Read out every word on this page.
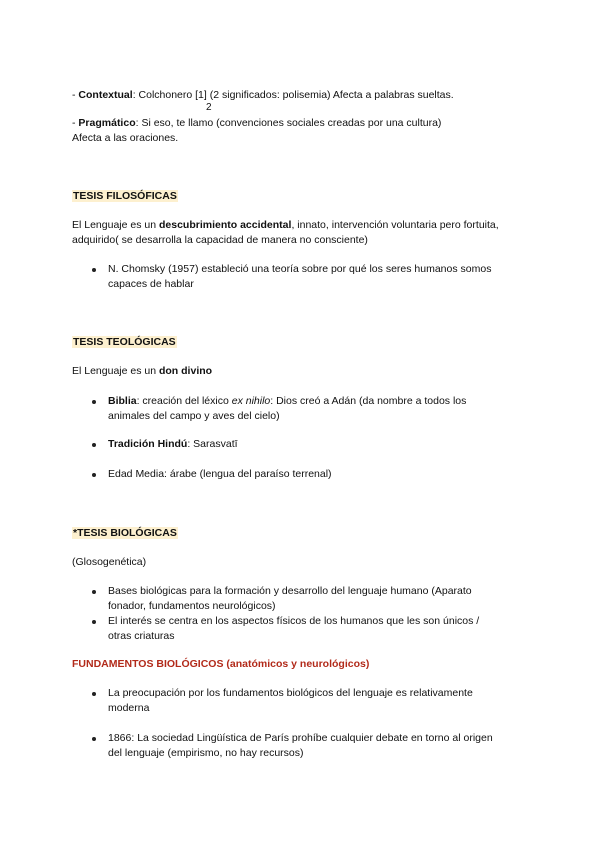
- Contextual: Colchonero [1] (2 significados: polisemia) Afecta a palabras sueltas.
2
- Pragmático: Si eso, te llamo (convenciones sociales creadas por una cultura)
Afecta a las oraciones.
TESIS FILOSÓFICAS
El Lenguaje es un descubrimiento accidental, innato, intervención voluntaria pero fortuita,
adquirido( se desarrolla la capacidad de manera no consciente)
N. Chomsky (1957) estableció una teoría sobre por qué los seres humanos somos
capaces de hablar
TESIS TEOLÓGICAS
El Lenguaje es un don divino
Biblia: creación del léxico ex nihilo: Dios creó a Adán (da nombre a todos los
animales del campo y aves del cielo)
Tradición Hindú: Sarasvatī
Edad Media: árabe (lengua del paraíso terrenal)
*TESIS BIOLÓGICAS
(Glosogenética)
Bases biológicas para la formación y desarrollo del lenguaje humano (Aparato
fonador, fundamentos neurológicos)
El interés se centra en los aspectos físicos de los humanos que les son únicos /
otras criaturas
FUNDAMENTOS BIOLÓGICOS (anatómicos y neurológicos)
La preocupación por los fundamentos biológicos del lenguaje es relativamente
moderna
1866: La sociedad Lingüística de París prohíbe cualquier debate en torno al origen
del lenguaje (empirismo, no hay recursos)
